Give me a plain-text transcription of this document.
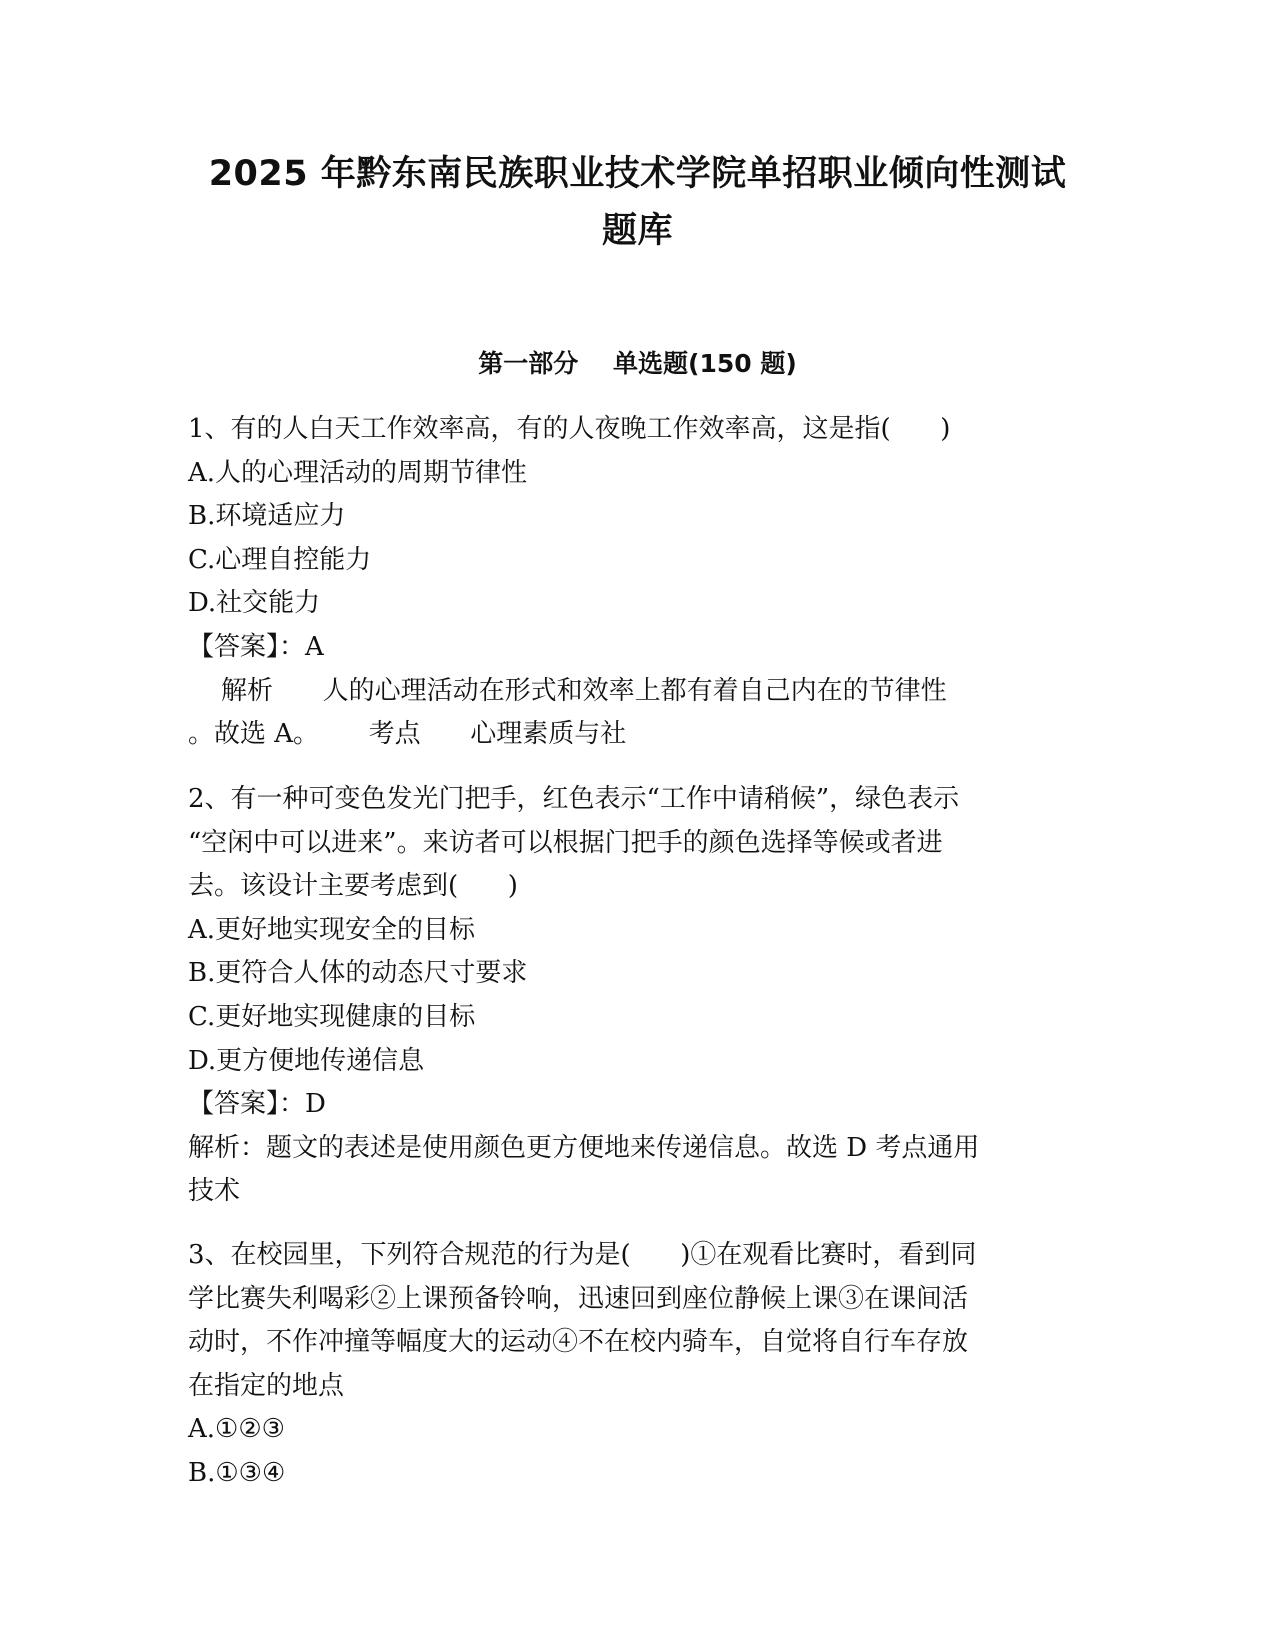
2025 年黔东南民族职业技术学院单招职业倾向性测试
题库
第一部分    单选题(150 题)
1、有的人白天工作效率高，有的人夜晚工作效率高，这是指(      )
A.人的心理活动的周期节律性
B.环境适应力
C.心理自控能力
D.社交能力
【答案】：A
解析      人的心理活动在形式和效率上都有着自己内在的节律性
。故选 A。      考点      心理素质与社
2、有一种可变色发光门把手，红色表示“工作中请稍候”，绿色表示
“空闲中可以进来”。来访者可以根据门把手的颜色选择等候或者进
去。该设计主要考虑到(      )
A.更好地实现安全的目标
B.更符合人体的动态尺寸要求
C.更好地实现健康的目标
D.更方便地传递信息
【答案】：D
解析：题文的表述是使用颜色更方便地来传递信息。故选 D 考点通用
技术
3、在校园里，下列符合规范的行为是(      )①在观看比赛时，看到同
学比赛失利喝彩②上课预备铃响，迅速回到座位静候上课③在课间活
动时，不作冲撞等幅度大的运动④不在校内骑车，自觉将自行车存放
在指定的地点
A.①②③
B.①③④
